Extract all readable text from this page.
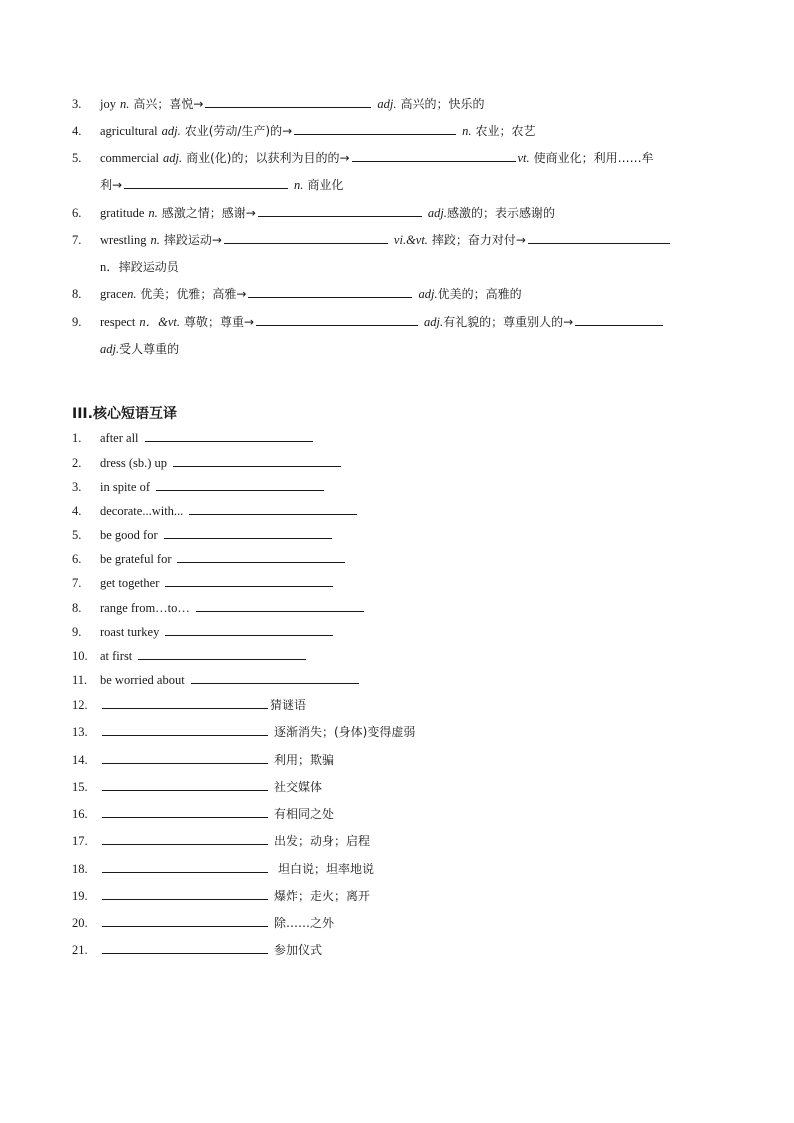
3. joy n. 高兴；喜悦→	adj. 高兴的；快乐的
4. agricultural adj. 农业(劳动/生产)的→	n. 农业；农艺
5. commercial adj. 商业(化)的；以获利为目的的→	vt. 使商业化；利用……牟
利→	n. 商业化
6. gratitude n. 感激之情；感谢→	adj.感激的；表示感谢的
7. wrestling n. 摔跤运动→	vi.&vt. 摔跤；奋力对付→
n．摔跤运动员
8. gracen. 优美；优雅；高雅→	adj.优美的；高雅的
9. respect n．&vt. 尊敬；尊重→	adj.有礼貌的；尊重别人的→
adj.受人尊重的
III.核心短语互译
1. after all
2. dress (sb.) up
3. in spite of
4. decorate...with...
5. be good for
6. be grateful for
7. get together
8. range from…to…
9. roast turkey
10. at first
11. be worried about
12.	猜谜语
13.	逐渐消失；(身体)变得虚弱
14.	利用；欺骗
15.	社交媒体
16.	有相同之处
17.	出发；动身；启程
18.	坦白说；坦率地说
19.	爆炸；走火；离开
20.	除……之外
21.	参加仪式
